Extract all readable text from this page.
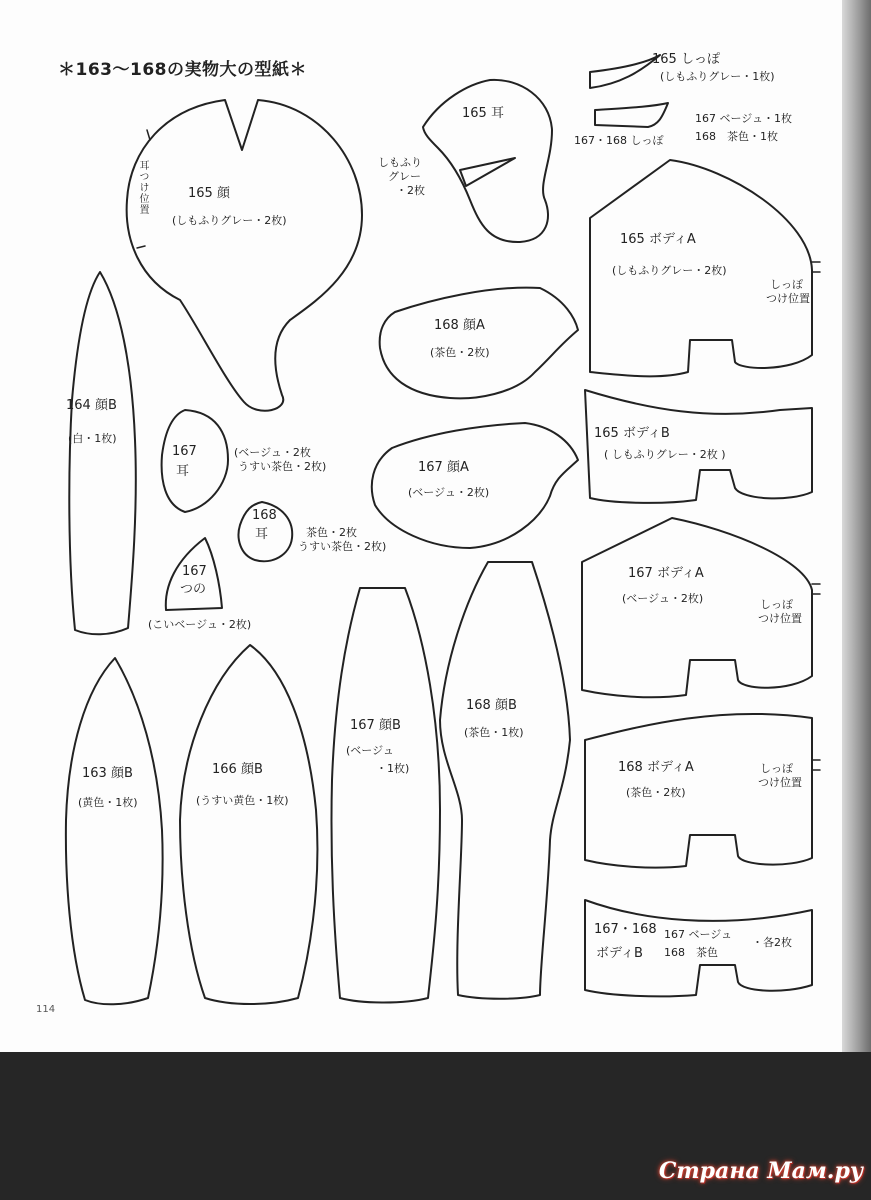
＊163〜168の実物大の型紙＊
165 顔
(しもふりグレー・2枚)
耳つけ位置
165 耳
しもふり
グレー
・2枚
165 しっぽ
(しもふりグレー・1枚)
167・168 しっぽ
167 ベージュ・1枚
168　茶色・1枚
165 ボディA
(しもふりグレー・2枚)
しっぽ
つけ位置
168 顔A
(茶色・2枚)
165 ボディB
( しもふりグレー・2枚 )
167 顔A
(ベージュ・2枚)
164 顔B
(白・1枚)
167
耳
(ベージュ・2枚
うすい茶色・2枚)
168
耳	茶色・2枚
うすい茶色・2枚)
167
つの
(こいベージュ・2枚)
167 ボディA
(ベージュ・2枚)	しっぽ
つけ位置
168 ボディA
(茶色・2枚)
しっぽ
つけ位置
163 顔B
(黄色・1枚)
166 顔B
(うすい黄色・1枚)
167 顔B
(ベージュ
・1枚)
168 顔B
(茶色・1枚)
167・168
ボディB
167 ベージュ
168　茶色
・各2枚
114
Страна Мам.ру
